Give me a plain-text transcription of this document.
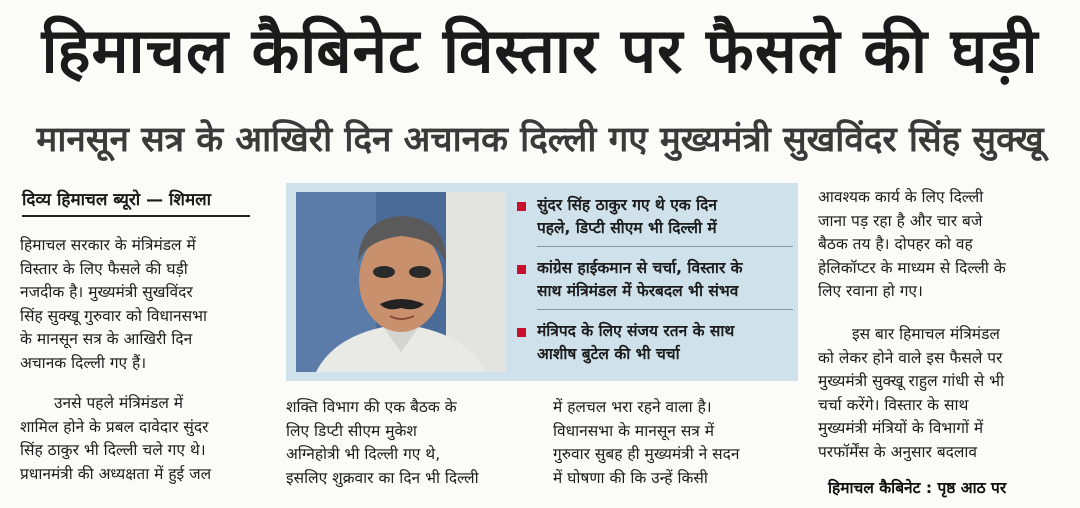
हिमाचल कैबिनेट विस्तार पर फैसले की घड़ी
मानसून सत्र के आखिरी दिन अचानक दिल्ली गए मुख्यमंत्री सुखविंदर सिंह सुक्खू
दिव्य हिमाचल ब्यूरो — शिमला
हिमाचल सरकार के मंत्रिमंडल में
विस्तार के लिए फैसले की घड़ी
नजदीक है। मुख्यमंत्री सुखविंदर
सिंह सुक्खू गुरुवार को विधानसभा
के मानसून सत्र के आखिरी दिन
अचानक दिल्ली गए हैं।
उनसे पहले मंत्रिमंडल में
शामिल होने के प्रबल दावेदार सुंदर
सिंह ठाकुर भी दिल्ली चले गए थे।
प्रधानमंत्री की अध्यक्षता में हुई जल
सुंदर सिंह ठाकुर गए थे एक दिन
पहले, डिप्टी सीएम भी दिल्ली में
कांग्रेस हाईकमान से चर्चा, विस्तार के
साथ मंत्रिमंडल में फेरबदल भी संभव
मंत्रिपद के लिए संजय रतन के साथ
आशीष बुटेल की भी चर्चा
शक्ति विभाग की एक बैठक के
लिए डिप्टी सीएम मुकेश
अग्निहोत्री भी दिल्ली गए थे,
इसलिए शुक्रवार का दिन भी दिल्ली
में हलचल भरा रहने वाला है।
विधानसभा के मानसून सत्र में
गुरुवार सुबह ही मुख्यमंत्री ने सदन
में घोषणा की कि उन्हें किसी
आवश्यक कार्य के लिए दिल्ली
जाना पड़ रहा है और चार बजे
बैठक तय है। दोपहर को वह
हेलिकॉप्टर के माध्यम से दिल्ली के
लिए रवाना हो गए।
इस बार हिमाचल मंत्रिमंडल
को लेकर होने वाले इस फैसले पर
मुख्यमंत्री सुक्खू राहुल गांधी से भी
चर्चा करेंगे। विस्तार के साथ
मुख्यमंत्री मंत्रियों के विभागों में
परफॉर्मेंस के अनुसार बदलाव
हिमाचल कैबिनेट : पृष्ठ आठ पर
